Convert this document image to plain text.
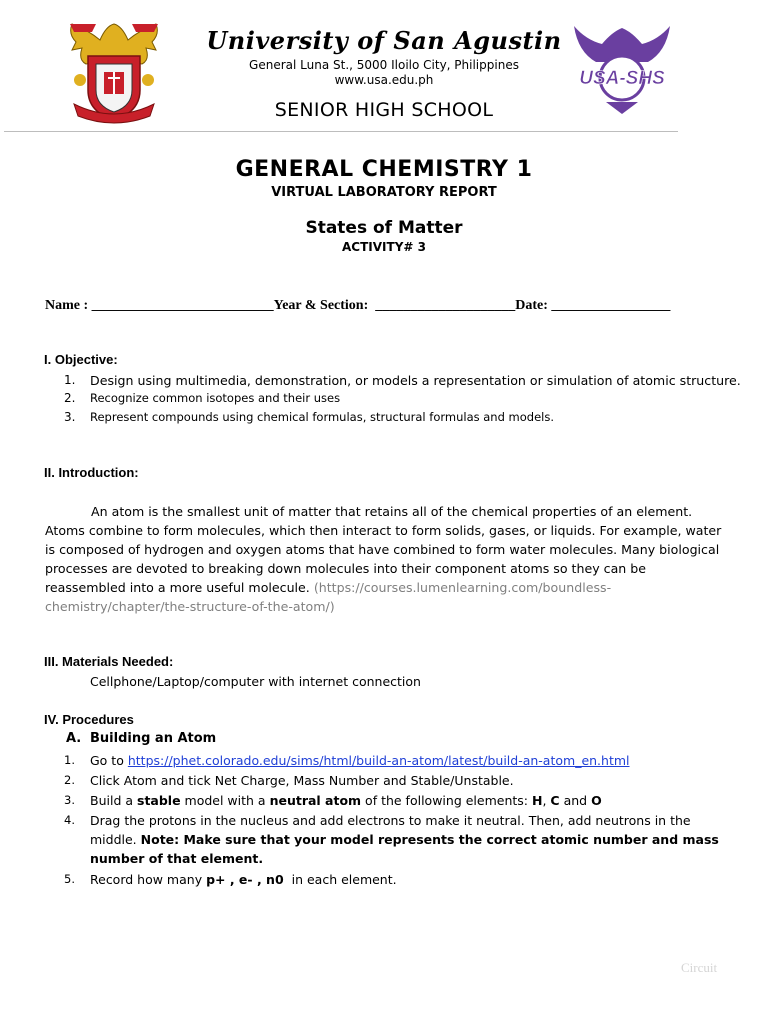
USA-SHS
University of San Agustin
General Luna St., 5000 Iloilo City, Philippines
www.usa.edu.ph
SENIOR HIGH SCHOOL
GENERAL CHEMISTRY 1
VIRTUAL LABORATORY REPORT
States of Matter
ACTIVITY# 3
Name : __________________________Year & Section:  ____________________Date: _________________
I. Objective:
1.	Design using multimedia, demonstration, or models a representation or simulation of atomic structure.
2.	Recognize common isotopes and their uses
3.	Represent compounds using chemical formulas, structural formulas and models.
II. Introduction:
An atom is the smallest unit of matter that retains all of the chemical properties of an element. Atoms combine to form molecules, which then interact to form solids, gases, or liquids. For example, water is composed of hydrogen and oxygen atoms that have combined to form water molecules. Many biological processes are devoted to breaking down molecules into their component atoms so they can be reassembled into a more useful molecule. (https://courses.lumenlearning.com/boundless-chemistry/chapter/the-structure-of-the-atom/)
III. Materials Needed:
Cellphone/Laptop/computer with internet connection
IV. Procedures
A. Building an Atom
1.	Go to https://phet.colorado.edu/sims/html/build-an-atom/latest/build-an-atom_en.html
2.	Click Atom and tick Net Charge, Mass Number and Stable/Unstable.
3.	Build a stable model with a neutral atom of the following elements: H, C and O
4.	Drag the protons in the nucleus and add electrons to make it neutral. Then, add neutrons in the middle. Note: Make sure that your model represents the correct atomic number and mass number of that element.
5.	Record how many p+ , e- , n0  in each element.
Circuit
